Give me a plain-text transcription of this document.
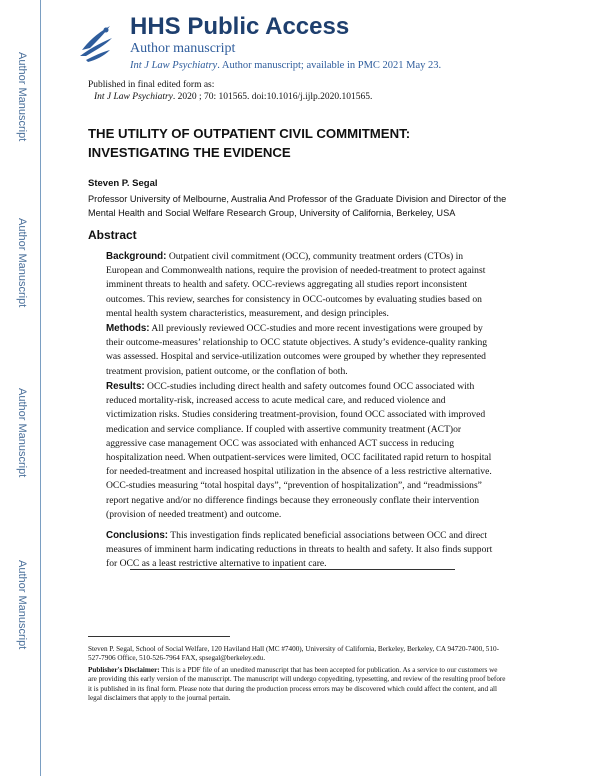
Author Manuscript
Author Manuscript
Author Manuscript
Author Manuscript
HHS Public Access
Author manuscript
Int J Law Psychiatry. Author manuscript; available in PMC 2021 May 23.
Published in final edited form as:
Int J Law Psychiatry. 2020 ; 70: 101565. doi:10.1016/j.ijlp.2020.101565.
THE UTILITY OF OUTPATIENT CIVIL COMMITMENT:
INVESTIGATING THE EVIDENCE
Steven P. Segal
Professor University of Melbourne, Australia And Professor of the Graduate Division and Director of the Mental Health and Social Welfare Research Group, University of California, Berkeley, USA
Abstract
Background: Outpatient civil commitment (OCC), community treatment orders (CTOs) in European and Commonwealth nations, require the provision of needed-treatment to protect against imminent threats to health and safety. OCC-reviews aggregating all studies report inconsistent outcomes. This review, searches for consistency in OCC-outcomes by evaluating studies based on mental health system characteristics, measurement, and design principles.
Methods: All previously reviewed OCC-studies and more recent investigations were grouped by their outcome-measures’ relationship to OCC statute objectives. A study’s evidence-quality ranking was assessed. Hospital and service-utilization outcomes were grouped by whether they represented treatment provision, patient outcome, or the conflation of both.
Results: OCC-studies including direct health and safety outcomes found OCC associated with reduced mortality-risk, increased access to acute medical care, and reduced violence and victimization risks. Studies considering treatment-provision, found OCC associated with improved medication and service compliance. If coupled with assertive community treatment (ACT)or aggressive case management OCC was associated with enhanced ACT success in reducing hospitalization need. When outpatient-services were limited, OCC facilitated rapid return to hospital for needed-treatment and increased hospital utilization in the absence of a less restrictive alternative. OCC-studies measuring “total hospital days”, “prevention of hospitalization”, and “readmissions” report negative and/or no difference findings because they erroneously conflate their intervention (provision of needed treatment) and outcome.
Conclusions: This investigation finds replicated beneficial associations between OCC and direct measures of imminent harm indicating reductions in threats to health and safety. It also finds support for OCC as a least restrictive alternative to inpatient care.

Steven P. Segal, School of Social Welfare, 120 Haviland Hall (MC #7400), University of California, Berkeley, Berkeley, CA 94720-7400, 510-527-7906 Office, 510-526-7964 FAX, spsegal@berkeley.edu.

Publisher's Disclaimer: This is a PDF file of an unedited manuscript that has been accepted for publication. As a service to our customers we are providing this early version of the manuscript. The manuscript will undergo copyediting, typesetting, and review of the resulting proof before it is published in its final form. Please note that during the production process errors may be discovered which could affect the content, and all legal disclaimers that apply to the journal pertain.
